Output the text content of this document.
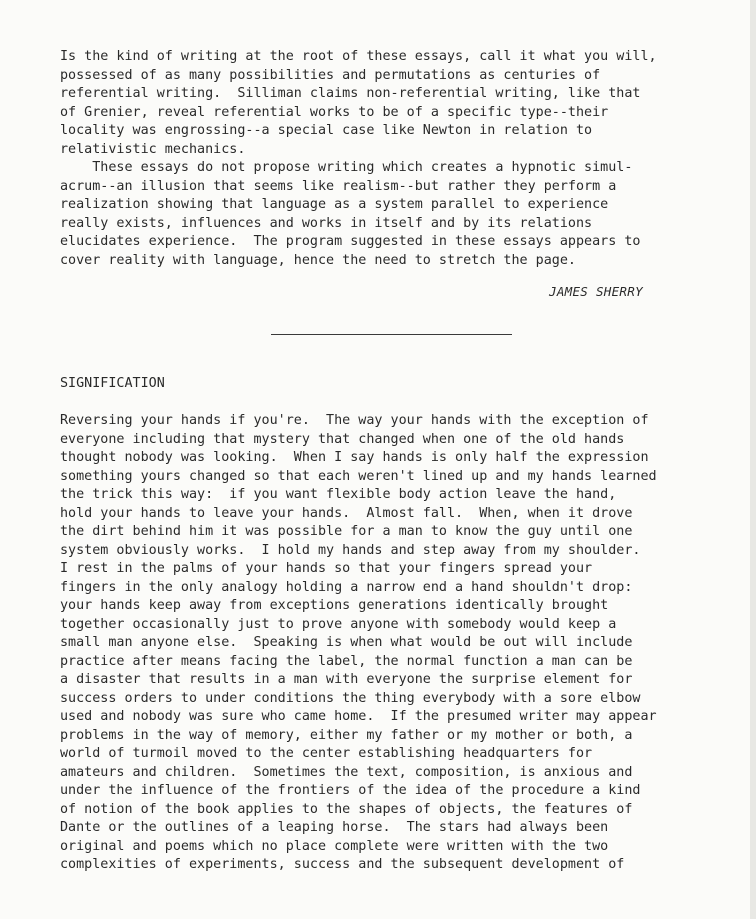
Is the kind of writing at the root of these essays, call it what you will,
possessed of as many possibilities and permutations as centuries of
referential writing.  Silliman claims non-referential writing, like that
of Grenier, reveal referential works to be of a specific type--their
locality was engrossing--a special case like Newton in relation to
relativistic mechanics.
These essays do not propose writing which creates a hypnotic simul-
acrum--an illusion that seems like realism--but rather they perform a
realization showing that language as a system parallel to experience
really exists, influences and works in itself and by its relations
elucidates experience.  The program suggested in these essays appears to
cover reality with language, hence the need to stretch the page.
JAMES SHERRY
SIGNIFICATION
Reversing your hands if you're.  The way your hands with the exception of
everyone including that mystery that changed when one of the old hands
thought nobody was looking.  When I say hands is only half the expression
something yours changed so that each weren't lined up and my hands learned
the trick this way:  if you want flexible body action leave the hand,
hold your hands to leave your hands.  Almost fall.  When, when it drove
the dirt behind him it was possible for a man to know the guy until one
system obviously works.  I hold my hands and step away from my shoulder.
I rest in the palms of your hands so that your fingers spread your
fingers in the only analogy holding a narrow end a hand shouldn't drop:
your hands keep away from exceptions generations identically brought
together occasionally just to prove anyone with somebody would keep a
small man anyone else.  Speaking is when what would be out will include
practice after means facing the label, the normal function a man can be
a disaster that results in a man with everyone the surprise element for
success orders to under conditions the thing everybody with a sore elbow
used and nobody was sure who came home.  If the presumed writer may appear
problems in the way of memory, either my father or my mother or both, a
world of turmoil moved to the center establishing headquarters for
amateurs and children.  Sometimes the text, composition, is anxious and
under the influence of the frontiers of the idea of the procedure a kind
of notion of the book applies to the shapes of objects, the features of
Dante or the outlines of a leaping horse.  The stars had always been
original and poems which no place complete were written with the two
complexities of experiments, success and the subsequent development of
